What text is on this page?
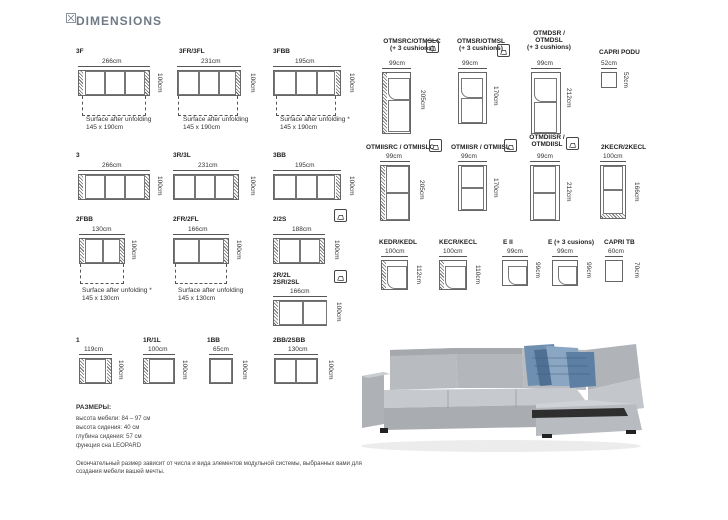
DIMENSIONS
3F
266cm
100cm
Surface after unfolding
145 x 190cm
3FR/3FL
231cm
100cm
Surface after unfolding
145 x 190cm
3FBB
195cm
100cm
Surface after unfolding *
145 x 190cm
3
266cm
100cm
3R/3L
231cm
100cm
3BB
195cm
100cm
2FBB
130cm
100cm
Surface after unfolding *
145 x 130cm
2FR/2FL
166cm
100cm
Surface after unfolding
145 x 130cm
2/2S
188cm
100cm
2R/2L
2SR/2SL
166cm
100cm
1
119cm
100cm
1R/1L
100cm
100cm
1BB
65cm
100cm
2BB/2SBB
130cm
100cm
OTMSRC/OTMSLC
(+ 3 cushions)
99cm
205cm
OTMSR/OTMSL
(+ 3 cushions)
99cm
170cm
OTMDSR /
OTMDSL
(+ 3 cushions)
99cm
212cm
CAPRI PODU
52cm
52cm
OTMIISRC / OTMIISLC
99cm
205cm
OTMIISR / OTMIISL
99cm
170cm
OTMDIISR /
OTMDIISL
99cm
212cm
2KECR/2KECL
100cm
166cm
KEDR/KEDL
100cm
112cm
KECR/KECL
100cm
110cm
E II
99cm
99cm
E (+ 3 cusions)
99cm
99cm
CAPRI TB
60cm
70cm
РАЗМЕРЫ:
высота мебели: 84 – 97 см
высота сидения: 40 см
глубина сидения: 57 см
функция сна LEOPARD
Окончательный размер зависит от числа и вида элементов модульной системы, выбранных вами для создания мебели вашей мечты.
